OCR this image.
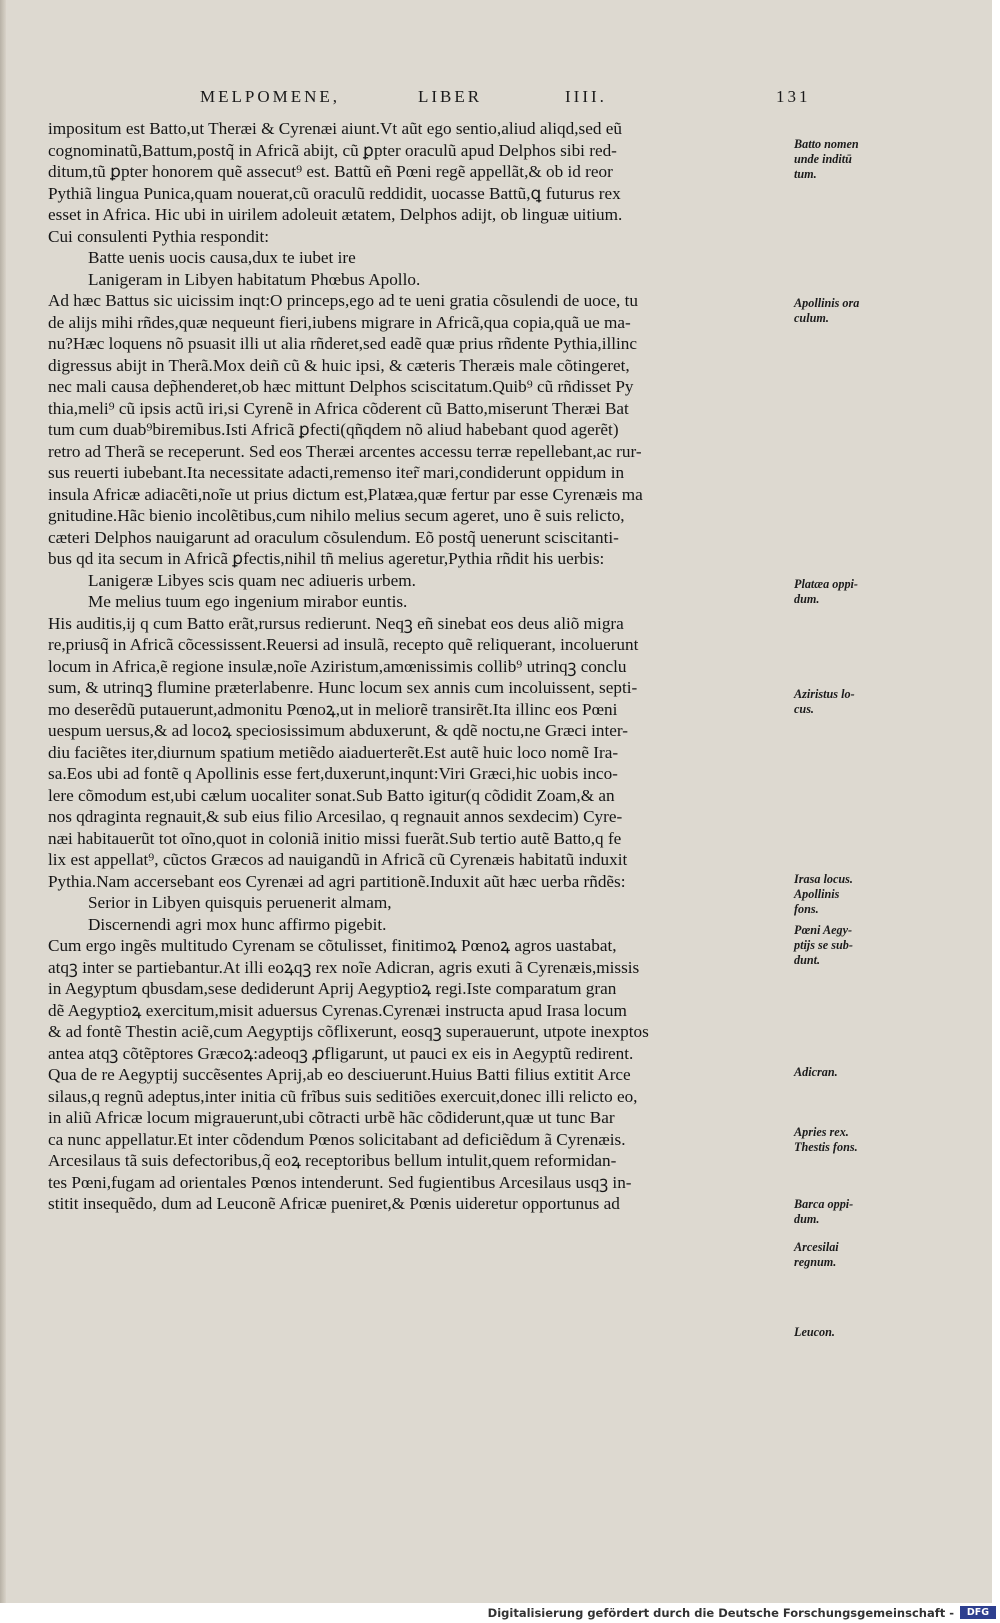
MELPOMENE,	LIBER	IIII.	131
impositum est Batto,ut Theræi & Cyrenæi aiunt.Vt aũt ego sentio,aliud aliqd,sed eũ
cognominatũ,Battum,postq̃ in Africã abijt, cũ ꝑpter oraculũ apud Delphos sibi red-
ditum,tũ ꝑpter honorem quẽ assecut⁹ est. Battũ eñ Pœni regẽ appellãt,& ob id reor
Pythiã lingua Punica,quam nouerat,cũ oraculũ reddidit, uocasse Battũ,ꝗ futurus rex
esset in Africa. Hic ubi in uirilem adoleuit ætatem, Delphos adijt, ob linguæ uitium.
Cui consulenti Pythia respondit:
Batte uenis uocis causa,dux te iubet ire
Lanigeram in Libyen habitatum Phœbus Apollo.
Ad hæc Battus sic uicissim inqt:O princeps,ego ad te ueni gratia cõsulendi de uoce, tu
de alijs mihi rñdes,quæ nequeunt fieri,iubens migrare in Africã,qua copia,quã ue ma-
nu?Hæc loquens nõ psuasit illi ut alia rñderet,sed eadẽ quæ prius rñdente Pythia,illinc
digressus abijt in Therã.Mox deiñ cũ & huic ipsi, & cæteris Theræis male cõtingeret,
nec mali causa dep̃henderet,ob hæc mittunt Delphos sciscitatum.Quib⁹ cũ rñdisset Py
thia,meli⁹ cũ ipsis actũ iri,si Cyrenẽ in Africa cõderent cũ Batto,miserunt Theræi Bat
tum cum duab⁹biremibus.Isti Africã ꝑfecti(qñqdem nõ aliud habebant quod agerẽt)
retro ad Therã se receperunt. Sed eos Theræi arcentes accessu terræ repellebant,ac rur-
sus reuerti iubebant.Ita necessitate adacti,remenso iter̃ mari,condiderunt oppidum in
insula Africæ adiacẽti,noĩe ut prius dictum est,Platæa,quæ fertur par esse Cyrenæis ma
gnitudine.Hãc bienio incolẽtibus,cum nihilo melius secum ageret, uno ẽ suis relicto,
cæteri Delphos nauigarunt ad oraculum cõsulendum. Eõ postq̃ uenerunt sciscitanti-
bus qd ita secum in Africã ꝑfectis,nihil tñ melius ageretur,Pythia rñdit his uerbis:
Lanigeræ Libyes scis quam nec adiueris urbem.
Me melius tuum ego ingenium mirabor euntis.
His auditis,ĳ q cum Batto erãt,rursus redierunt. Neqꝫ eñ sinebat eos deus aliõ migra
re,priusq̃ in Africã cõcessissent.Reuersi ad insulã, recepto quẽ reliquerant, incoluerunt
locum in Africa,ẽ regione insulæ,noĩe Aziristum,amœnissimis collib⁹ utrinqꝫ conclu
sum, & utrinqꝫ flumine præterlabenre. Hunc locum sex annis cum incoluissent, septi-
mo deserẽdũ putauerunt,admonitu Pœnoꝝ,ut in meliorẽ transirẽt.Ita illinc eos Pœni
uespum uersus,& ad locoꝝ speciosissimum abduxerunt, & qdẽ noctu,ne Græci inter-
diu faciẽtes iter,diurnum spatium metiẽdo aiaduerterẽt.Est autẽ huic loco nomẽ Ira-
sa.Eos ubi ad fontẽ q Apollinis esse fert,duxerunt,inqunt:Viri Græci,hic uobis inco-
lere cõmodum est,ubi cælum uocaliter sonat.Sub Batto igitur(q cõdidit Zoam,& an
nos qdraginta regnauit,& sub eius filio Arcesilao, q regnauit annos sexdecim) Cyre-
næi habitauerũt tot oĩno,quot in coloniã initio missi fuerãt.Sub tertio autẽ Batto,q fe
lix est appellat⁹, cũctos Græcos ad nauigandũ in Africã cũ Cyrenæis habitatũ induxit
Pythia.Nam accersebant eos Cyrenæi ad agri partitionẽ.Induxit aũt hæc uerba rñdẽs:
Serior in Libyen quisquis peruenerit almam,
Discernendi agri mox hunc affirmo pigebit.
Cum ergo ingẽs multitudo Cyrenam se cõtulisset, finitimoꝝ Pœnoꝝ agros uastabat,
atqꝫ inter se partiebantur.At illi eoꝝqꝫ rex noĩe Adicran, agris exuti ã Cyrenæis,missis
in Aegyptum qbusdam,sese dediderunt Aprĳ Aegyptioꝝ regi.Iste comparatum gran
dẽ Aegyptioꝝ exercitum,misit aduersus Cyrenas.Cyrenæi instructa apud Irasa locum
& ad fontẽ Thestin aciẽ,cum Aegyptĳs cõflixerunt, eosqꝫ superauerunt, utpote inexptos
antea atqꝫ cõtẽptores Græcoꝝ:adeoqꝫ ꝓfligarunt, ut pauci ex eis in Aegyptũ redirent.
Qua de re Aegyptĳ succẽsentes Aprĳ,ab eo desciuerunt.Huius Batti filius extitit Arce
silaus,q regnũ adeptus,inter initia cũ frĩbus suis seditiões exercuit,donec illi relicto eo,
in aliũ Africæ locum migrauerunt,ubi cõtracti urbẽ hãc cõdiderunt,quæ ut tunc Bar
ca nunc appellatur.Et inter cõdendum Pœnos solicitabant ad deficiẽdum ã Cyrenæis.
Arcesilaus tã suis defectoribus,q̃ eoꝝ receptoribus bellum intulit,quem reformidan-
tes Pœni,fugam ad orientales Pœnos intenderunt. Sed fugientibus Arcesilaus usqꝫ in-
stitit insequẽdo, dum ad Leuconẽ Africæ pueniret,& Pœnis uideretur opportunus ad

Batto nomen
unde inditū
tum.

Apollinis ora
culum.

Platæa oppi-
dum.

Aziristus lo-
cus.

Irasa locus.
Apollinis
fons.

Pœni Aegy-
ptĳs se sub-
dunt.

Adicran.

Apries rex.
Thestis fons.

Barca oppi-
dum.

Arcesilai
regnum.

Leucon.

Digitalisierung gefördert durch die Deutsche Forschungsgemeinschaft -	DFG
